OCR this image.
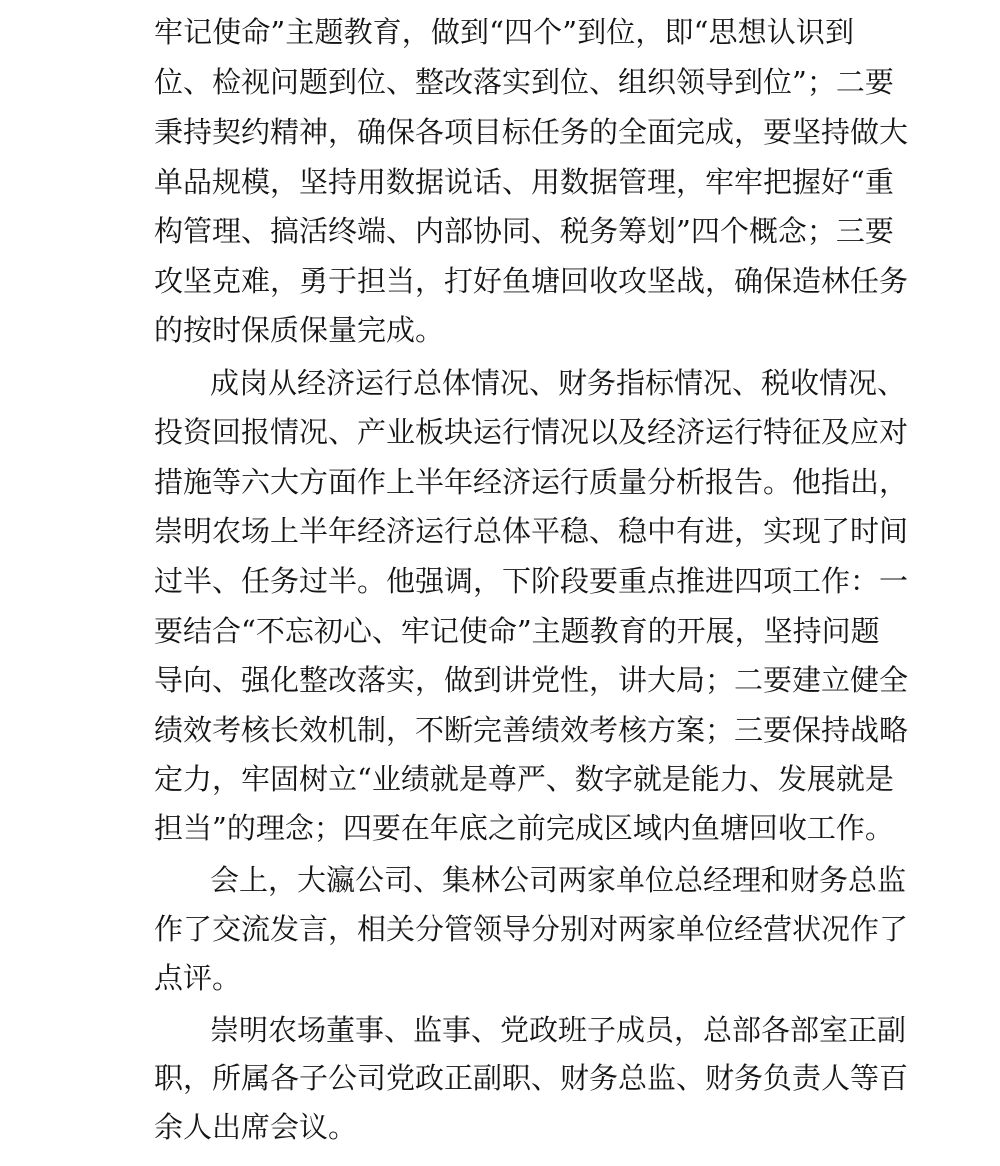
牢记使命”主题教育，做到“四个”到位，即“思想认识到
位、检视问题到位、整改落实到位、组织领导到位”；二要
秉持契约精神，确保各项目标任务的全面完成，要坚持做大
单品规模，坚持用数据说话、用数据管理，牢牢把握好“重
构管理、搞活终端、内部协同、税务筹划”四个概念；三要
攻坚克难，勇于担当，打好鱼塘回收攻坚战，确保造林任务
的按时保质保量完成。
成岗从经济运行总体情况、财务指标情况、税收情况、
投资回报情况、产业板块运行情况以及经济运行特征及应对
措施等六大方面作上半年经济运行质量分析报告。他指出，
崇明农场上半年经济运行总体平稳、稳中有进，实现了时间
过半、任务过半。他强调，下阶段要重点推进四项工作：一
要结合“不忘初心、牢记使命”主题教育的开展，坚持问题
导向、强化整改落实，做到讲党性，讲大局；二要建立健全
绩效考核长效机制，不断完善绩效考核方案；三要保持战略
定力，牢固树立“业绩就是尊严、数字就是能力、发展就是
担当”的理念；四要在年底之前完成区域内鱼塘回收工作。
会上，大瀛公司、集林公司两家单位总经理和财务总监
作了交流发言，相关分管领导分别对两家单位经营状况作了
点评。
崇明农场董事、监事、党政班子成员，总部各部室正副
职，所属各子公司党政正副职、财务总监、财务负责人等百
余人出席会议。
